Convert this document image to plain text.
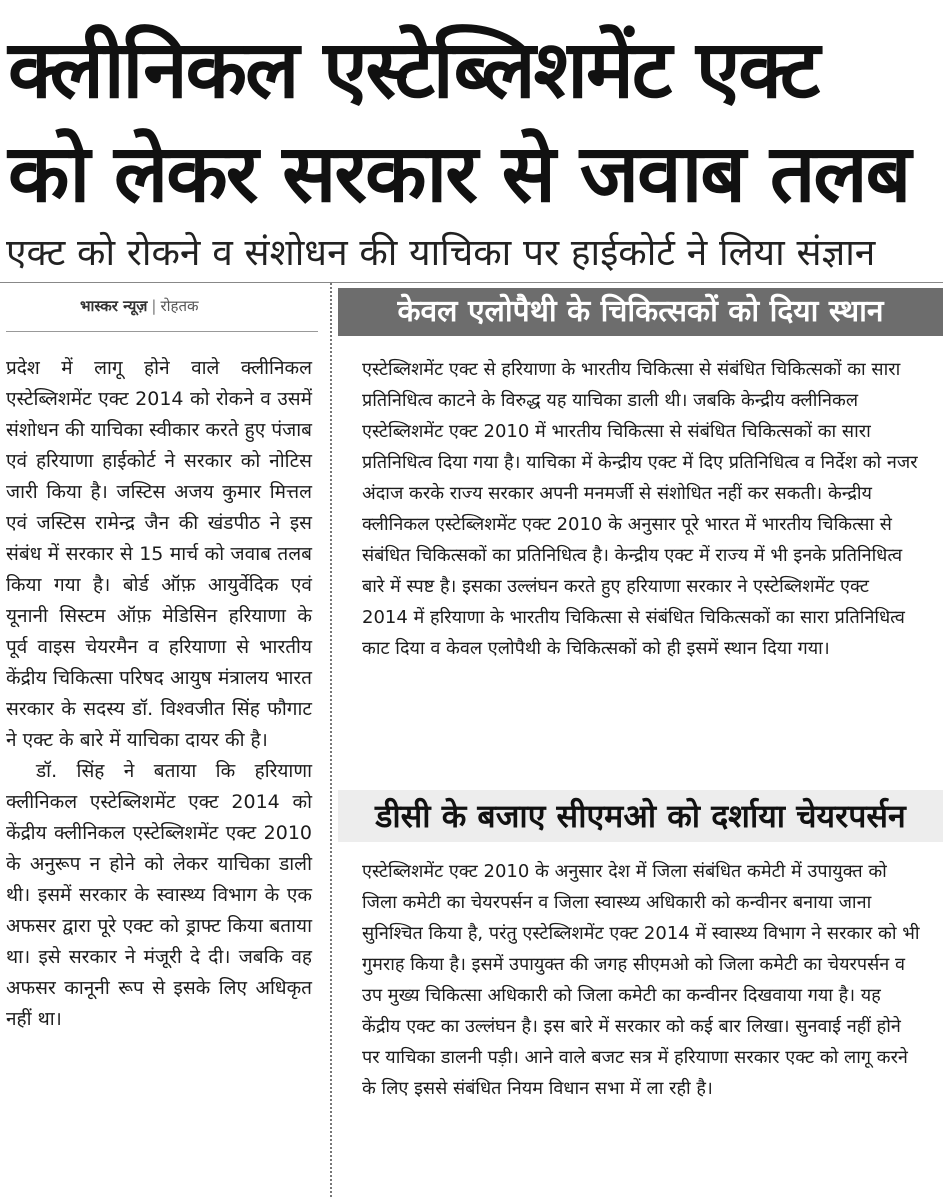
क्लीनिकल एस्टेब्लिशमेंट एक्ट
को लेकर सरकार से जवाब तलब
एक्ट को रोकने व संशोधन की याचिका पर हाईकोर्ट ने लिया संज्ञान
भास्कर न्यूज़ | रोहतक

प्रदेश में लागू होने वाले क्लीनिकल एस्टेब्लिशमेंट एक्ट 2014 को रोकने व उसमें संशोधन की याचिका स्वीकार करते हुए पंजाब एवं हरियाणा हाईकोर्ट ने सरकार को नोटिस जारी किया है। जस्टिस अजय कुमार मित्तल एवं जस्टिस रामेन्द्र जैन की खंडपीठ ने इस संबंध में सरकार से 15 मार्च को जवाब तलब किया गया है। बोर्ड ऑफ़ आयुर्वेदिक एवं यूनानी सिस्टम ऑफ़ मेडिसिन हरियाणा के पूर्व वाइस चेयरमैन व हरियाणा से भारतीय केंद्रीय चिकित्सा परिषद आयुष मंत्रालय भारत सरकार के सदस्य डॉ. विश्वजीत सिंह फौगाट ने एक्ट के बारे में याचिका दायर की है।

डॉ. सिंह ने बताया कि हरियाणा क्लीनिकल एस्टेब्लिशमेंट एक्ट 2014 को केंद्रीय क्लीनिकल एस्टेब्लिशमेंट एक्ट 2010 के अनुरूप न होने को लेकर याचिका डाली थी। इसमें सरकार के स्वास्थ्य विभाग के एक अफसर द्वारा पूरे एक्ट को ड्राफ्ट किया बताया था। इसे सरकार ने मंजूरी दे दी। जबकि वह अफसर कानूनी रूप से इसके लिए अधिकृत नहीं था।

केवल एलोपैथी के चिकित्सकों को दिया स्थान

एस्टेब्लिशमेंट एक्ट से हरियाणा के भारतीय चिकित्सा से संबंधित चिकित्सकों का सारा प्रतिनिधित्व काटने के विरुद्ध यह याचिका डाली थी। जबकि केन्द्रीय क्लीनिकल एस्टेब्लिशमेंट एक्ट 2010 में भारतीय चिकित्सा से संबंधित चिकित्सकों का सारा प्रतिनिधित्व दिया गया है। याचिका में केन्द्रीय एक्ट में दिए प्रतिनिधित्व व निर्देश को नजर अंदाज करके राज्य सरकार अपनी मनमर्जी से संशोधित नहीं कर सकती। केन्द्रीय क्लीनिकल एस्टेब्लिशमेंट एक्ट 2010 के अनुसार पूरे भारत में भारतीय चिकित्सा से संबंधित चिकित्सकों का प्रतिनिधित्व है। केन्द्रीय एक्ट में राज्य में भी इनके प्रतिनिधित्व बारे में स्पष्ट है। इसका उल्लंघन करते हुए हरियाणा सरकार ने एस्टेब्लिशमेंट एक्ट 2014 में हरियाणा के भारतीय चिकित्सा से संबंधित चिकित्सकों का सारा प्रतिनिधित्व काट दिया व केवल एलोपैथी के चिकित्सकों को ही इसमें स्थान दिया गया।

डीसी के बजाए सीएमओ को दर्शाया चेयरपर्सन

एस्टेब्लिशमेंट एक्ट 2010 के अनुसार देश में जिला संबंधित कमेटी में उपायुक्त को जिला कमेटी का चेयरपर्सन व जिला स्वास्थ्य अधिकारी को कन्वीनर बनाया जाना सुनिश्चित किया है, परंतु एस्टेब्लिशमेंट एक्ट 2014 में स्वास्थ्य विभाग ने सरकार को भी गुमराह किया है। इसमें उपायुक्त की जगह सीएमओ को जिला कमेटी का चेयरपर्सन व उप मुख्य चिकित्सा अधिकारी को जिला कमेटी का कन्वीनर दिखवाया गया है। यह केंद्रीय एक्ट का उल्लंघन है। इस बारे में सरकार को कई बार लिखा। सुनवाई नहीं होने पर याचिका डालनी पड़ी। आने वाले बजट सत्र में हरियाणा सरकार एक्ट को लागू करने के लिए इससे संबंधित नियम विधान सभा में ला रही है।
